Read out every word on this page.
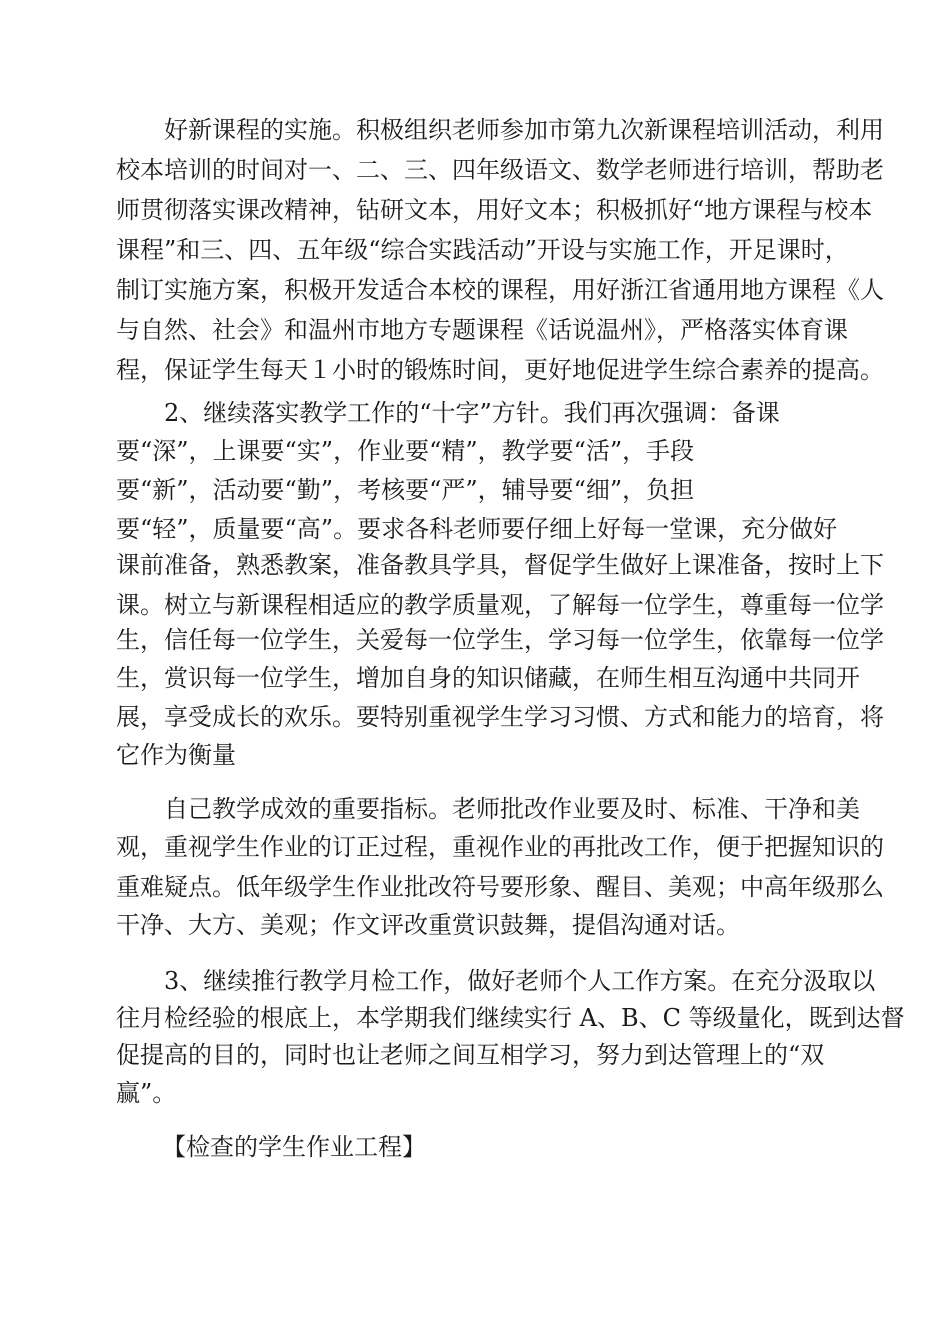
好新课程的实施。积极组织老师参加市第九次新课程培训活动，利用
校本培训的时间对一、二、三、四年级语文、数学老师进行培训，帮助老
师贯彻落实课改精神，钻研文本，用好文本；积极抓好“地方课程与校本
课程”和三、四、五年级“综合实践活动”开设与实施工作，开足课时，
制订实施方案，积极开发适合本校的课程，用好浙江省通用地方课程《人
与自然、社会》和温州市地方专题课程《话说温州》，严格落实体育课
程，保证学生每天１小时的锻炼时间，更好地促进学生综合素养的提高。
2、继续落实教学工作的“十字”方针。我们再次强调：备课
要“深”，上课要“实”，作业要“精”，教学要“活”，手段
要“新”，活动要“勤”，考核要“严”，辅导要“细”，负担
要“轻”，质量要“高”。要求各科老师要仔细上好每一堂课，充分做好
课前准备，熟悉教案，准备教具学具，督促学生做好上课准备，按时上下
课。树立与新课程相适应的教学质量观，了解每一位学生，尊重每一位学
生，信任每一位学生，关爱每一位学生，学习每一位学生，依靠每一位学
生，赏识每一位学生，增加自身的知识储藏，在师生相互沟通中共同开
展，享受成长的欢乐。要特别重视学生学习习惯、方式和能力的培育，将
它作为衡量
自己教学成效的重要指标。老师批改作业要及时、标准、干净和美
观，重视学生作业的订正过程，重视作业的再批改工作，便于把握知识的
重难疑点。低年级学生作业批改符号要形象、醒目、美观；中高年级那么
干净、大方、美观；作文评改重赏识鼓舞，提倡沟通对话。
3、继续推行教学月检工作，做好老师个人工作方案。在充分汲取以
往月检经验的根底上，本学期我们继续实行 A、B、C 等级量化，既到达督
促提高的目的，同时也让老师之间互相学习，努力到达管理上的“双
赢”。
【检查的学生作业工程】
